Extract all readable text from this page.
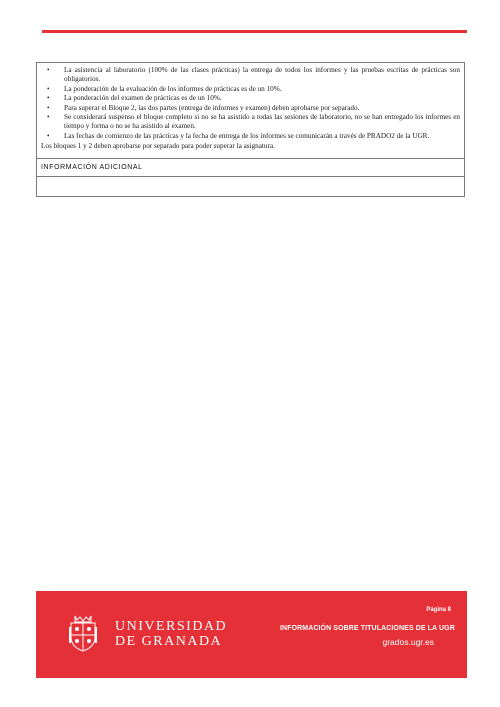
• La asistencia al laboratorio (100% de las clases prácticas) la entrega de todos los informes y las pruebas escritas de prácticas son obligatorios.
• La ponderación de la evaluación de los informes de prácticas es de un 10%.
• La ponderación del examen de prácticas es de un 10%.
• Para superar el Bloque 2, las dos partes (entrega de informes y examen) deben aprobarse por separado.
• Se considerará suspenso el bloque completo si no se ha asistido a todas las sesiones de laboratorio, no se han entregado los informes en tiempo y forma o no se ha asistido al examen.
• Las fechas de comienzo de las prácticas y la fecha de entrega de los informes se comunicarán a través de PRADO2 de la UGR.
Los bloques 1 y 2 deben aprobarse por separado para poder superar la asignatura.
INFORMACIÓN ADICIONAL
UNIVERSIDAD
DE GRANADA
Página 8
INFORMACIÓN SOBRE TITULACIONES DE LA UGR
grados.ugr.es
